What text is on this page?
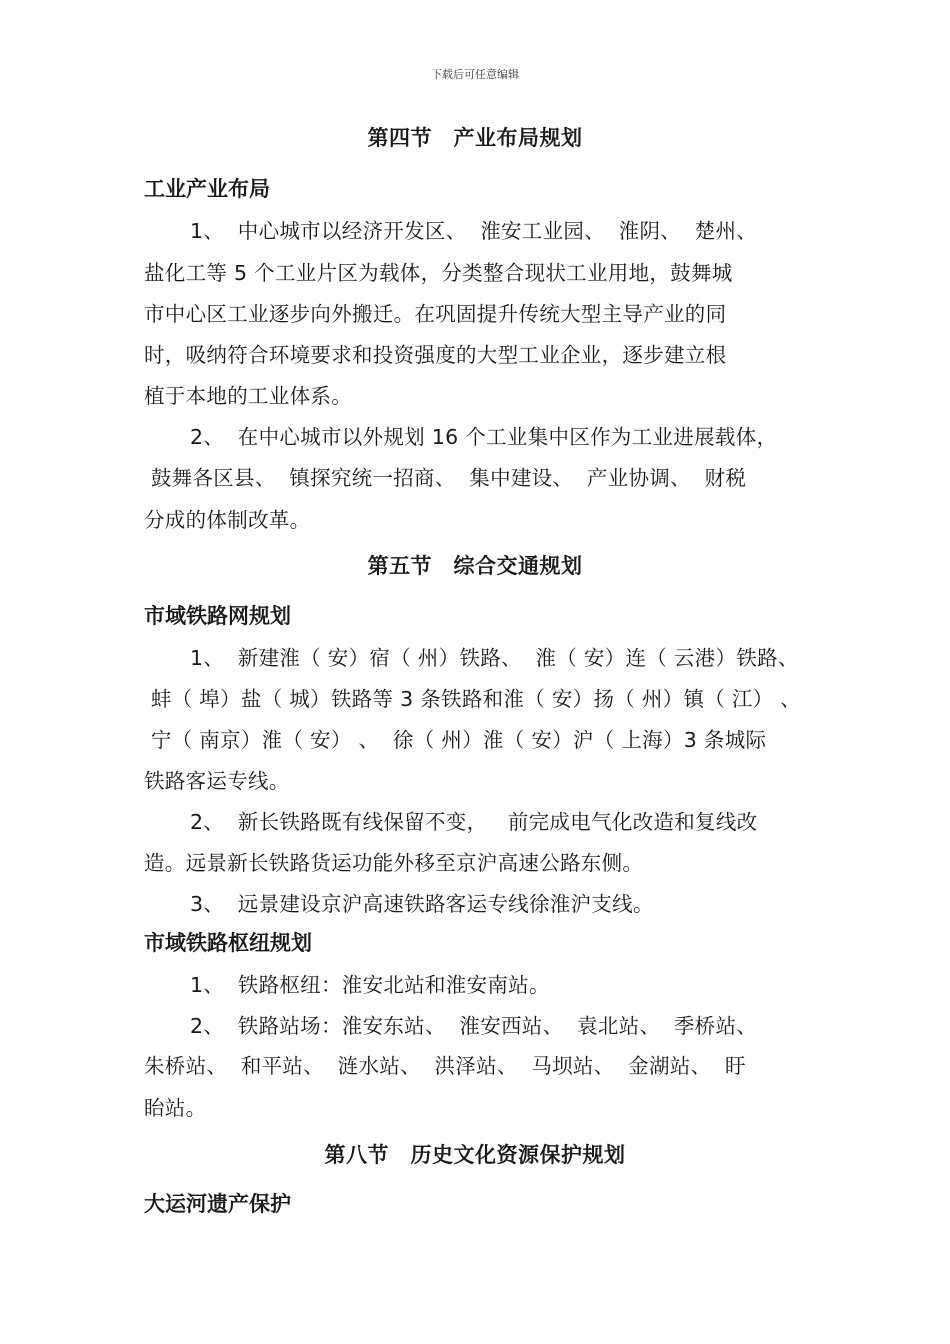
下载后可任意编辑
第四节　产业布局规划
工业产业布局
1、  中心城市以经济开发区、  淮安工业园、  淮阴、  楚州、
盐化工等 5 个工业片区为载体，分类整合现状工业用地，鼓舞城
市中心区工业逐步向外搬迁。在巩固提升传统大型主导产业的同
时，吸纳符合环境要求和投资强度的大型工业企业，逐步建立根
植于本地的工业体系。
2、  在中心城市以外规划 16 个工业集中区作为工业进展载体，
鼓舞各区县、  镇探究统一招商、  集中建设、  产业协调、  财税
分成的体制改革。
第五节　综合交通规划
市域铁路网规划
1、  新建淮（ 安）宿（ 州）铁路、  淮（ 安）连（ 云港）铁路、
蚌（ 埠）盐（ 城）铁路等 3 条铁路和淮（ 安）扬（ 州）镇（ 江） 、
宁（ 南京）淮（ 安） 、  徐（ 州）淮（ 安）沪（ 上海）3 条城际
铁路客运专线。
2、  新长铁路既有线保留不变，   前完成电气化改造和复线改
造。远景新长铁路货运功能外移至京沪高速公路东侧。
3、  远景建设京沪高速铁路客运专线徐淮沪支线。
市域铁路枢纽规划
1、  铁路枢纽：淮安北站和淮安南站。
2、  铁路站场：淮安东站、  淮安西站、  袁北站、  季桥站、
朱桥站、  和平站、  涟水站、  洪泽站、  马坝站、  金湖站、  盱
眙站。
第八节　历史文化资源保护规划
大运河遗产保护
